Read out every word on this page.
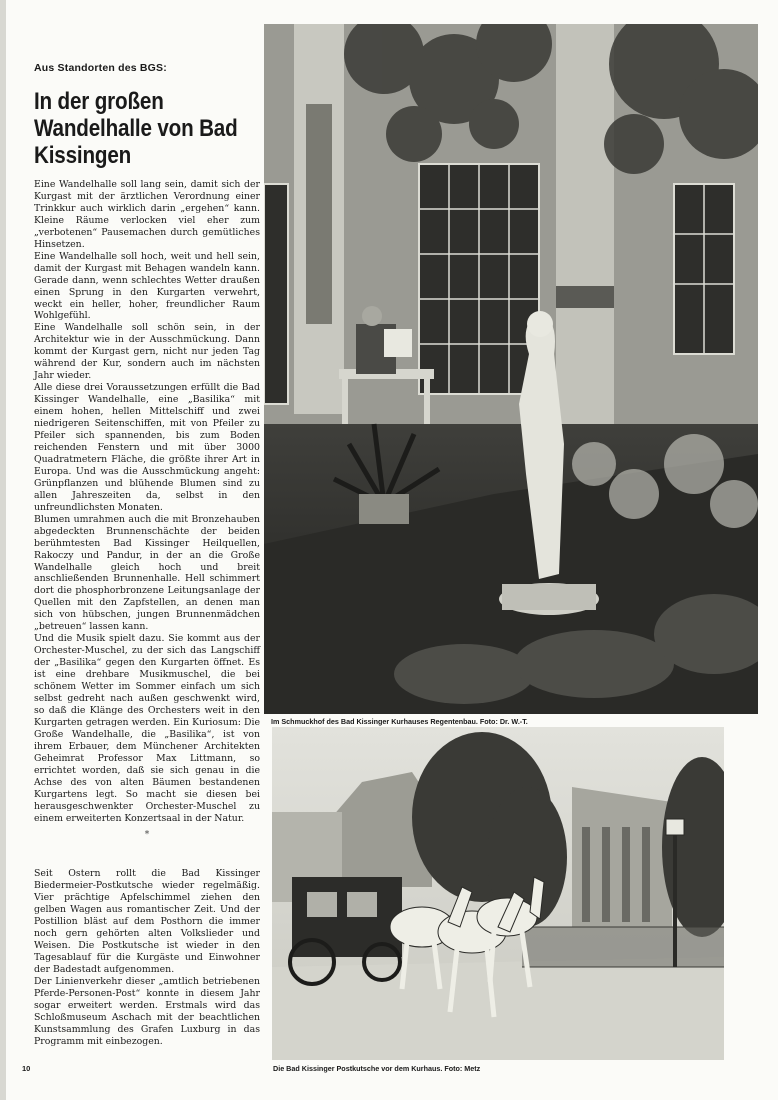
Aus Standorten des BGS:
In der großen Wandelhalle von Bad Kissingen

Eine Wandelhalle soll lang sein, damit sich der Kurgast mit der ärztlichen Verordnung einer Trinkkur auch wirklich darin „ergehen“ kann. Kleine Räume verlocken viel eher zum „verbotenen“ Pausemachen durch gemütliches Hinsetzen.

Eine Wandelhalle soll hoch, weit und hell sein, damit der Kurgast mit Behagen wandeln kann. Gerade dann, wenn schlechtes Wetter draußen einen Sprung in den Kurgarten verwehrt, weckt ein heller, hoher, freundlicher Raum Wohlgefühl.

Eine Wandelhalle soll schön sein, in der Architektur wie in der Ausschmückung. Dann kommt der Kurgast gern, nicht nur jeden Tag während der Kur, sondern auch im nächsten Jahr wieder.

Alle diese drei Voraussetzungen erfüllt die Bad Kissinger Wandelhalle, eine „Basilika“ mit einem hohen, hellen Mittelschiff und zwei niedrigeren Seitenschiffen, mit von Pfeiler zu Pfeiler sich spannenden, bis zum Boden reichenden Fenstern und mit über 3000 Quadratmetern Fläche, die größte ihrer Art in Europa. Und was die Ausschmückung angeht: Grünpflanzen und blühende Blumen sind zu allen Jahreszeiten da, selbst in den unfreundlichsten Monaten.

Blumen umrahmen auch die mit Bronzehauben abgedeckten Brunnenschächte der beiden berühmtesten Bad Kissinger Heilquellen, Rakoczy und Pandur, in der an die Große Wandelhalle gleich hoch und breit anschließenden Brunnenhalle. Hell schimmert dort die phosphorbronzene Leitungsanlage der Quellen mit den Zapfstellen, an denen man sich von hübschen, jungen Brunnenmädchen „betreuen“ lassen kann.

Und die Musik spielt dazu. Sie kommt aus der Orchester-Muschel, zu der sich das Langschiff der „Basilika“ gegen den Kurgarten öffnet. Es ist eine drehbare Musikmuschel, die bei schönem Wetter im Sommer einfach um sich selbst gedreht nach außen geschwenkt wird, so daß die Klänge des Orchesters weit in den Kurgarten getragen werden. Ein Kuriosum: Die Große Wandelhalle, die „Basilika“, ist von ihrem Erbauer, dem Münchener Architekten Geheimrat Professor Max Littmann, so errichtet worden, daß sie sich genau in die Achse des von alten Bäumen bestandenen Kurgartens legt. So macht sie diesen bei herausgeschwenkter Orchester-Muschel zu einem erweiterten Konzertsaal in der Natur.

*

Seit Ostern rollt die Bad Kissinger Biedermeier-Postkutsche wieder regelmäßig. Vier prächtige Apfelschimmel ziehen den gelben Wagen aus romantischer Zeit. Und der Postillion bläst auf dem Posthorn die immer noch gern gehörten alten Volkslieder und Weisen. Die Postkutsche ist wieder in den Tagesablauf für die Kurgäste und Einwohner der Badestadt aufgenommen.

Der Linienverkehr dieser „amtlich betriebenen Pferde-Personen-Post“ konnte in diesem Jahr sogar erweitert werden. Erstmals wird das Schloßmuseum Aschach mit der beachtlichen Kunstsammlung des Grafen Luxburg in das Programm mit einbezogen.

10
Im Schmuckhof des Bad Kissinger Kurhauses Regentenbau. Foto: Dr. W.-T.
Die Bad Kissinger Postkutsche vor dem Kurhaus. Foto: Metz
